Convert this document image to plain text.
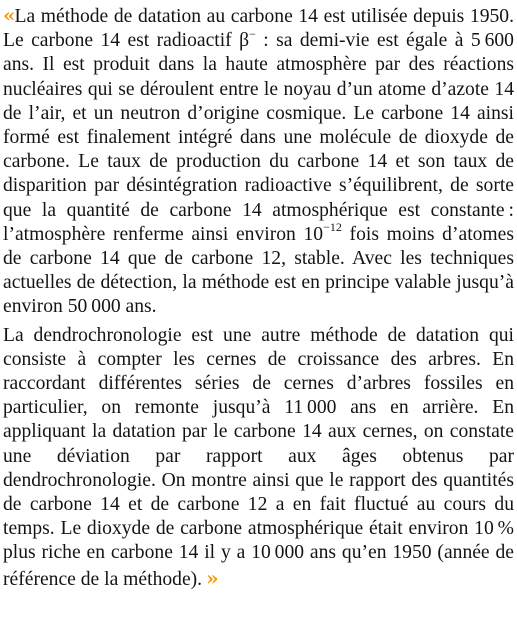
« La méthode de datation au carbone 14 est utilisée depuis 1950. Le carbone 14 est radioactif β− : sa demi-vie est égale à 5 600 ans. Il est produit dans la haute atmosphère par des réactions nucléaires qui se déroulent entre le noyau d’un atome d’azote 14 de l’air, et un neutron d’origine cosmique. Le carbone 14 ainsi formé est finalement intégré dans une molécule de dioxyde de carbone. Le taux de production du carbone 14 et son taux de disparition par désintégration radioactive s’équilibrent, de sorte que la quantité de carbone 14 atmosphérique est constante : l’atmosphère renferme ainsi environ $10^{-12}$ fois moins d’atomes de carbone 14 que de carbone 12, stable. Avec les techniques actuelles de détection, la méthode est en principe valable jusqu’à environ 50 000 ans.

La dendrochronologie est une autre méthode de datation qui consiste à compter les cernes de croissance des arbres. En raccordant différentes séries de cernes d’arbres fossiles en particulier, on remonte jusqu’à 11 000 ans en arrière. En appliquant la datation par le carbone 14 aux cernes, on constate une déviation par rapport aux âges obtenus par dendrochronologie. On montre ainsi que le rapport des quantités de carbone 14 et de carbone 12 a en fait fluctué au cours du temps. Le dioxyde de carbone atmosphérique était environ 10 % plus riche en carbone 14 il y a 10 000 ans qu’en 1950 (année de référence de la méthode). »
